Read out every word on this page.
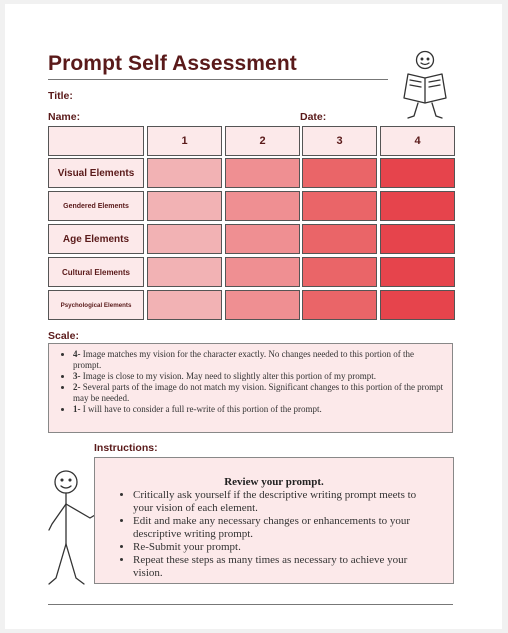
Prompt Self Assessment
Title:
Name:	Date:
1	2	3	4
Visual Elements
Gendered Elements
Age Elements
Cultural Elements
Psychological Elements
Scale:
• 4- Image matches my vision for the character exactly. No changes needed to this portion of the prompt.
• 3- Image is close to my vision. May need to slightly alter this portion of my prompt.
• 2- Several parts of the image do not match my vision. Significant changes to this portion of the prompt may be needed.
• 1- I will have to consider a full re-write of this portion of the prompt.
Instructions:
Review your prompt.
• Critically ask yourself if the descriptive writing prompt meets to your vision of each element.
• Edit and make any necessary changes or enhancements to your descriptive writing prompt.
• Re-Submit your prompt.
• Repeat these steps as many times as necessary to achieve your vision.
